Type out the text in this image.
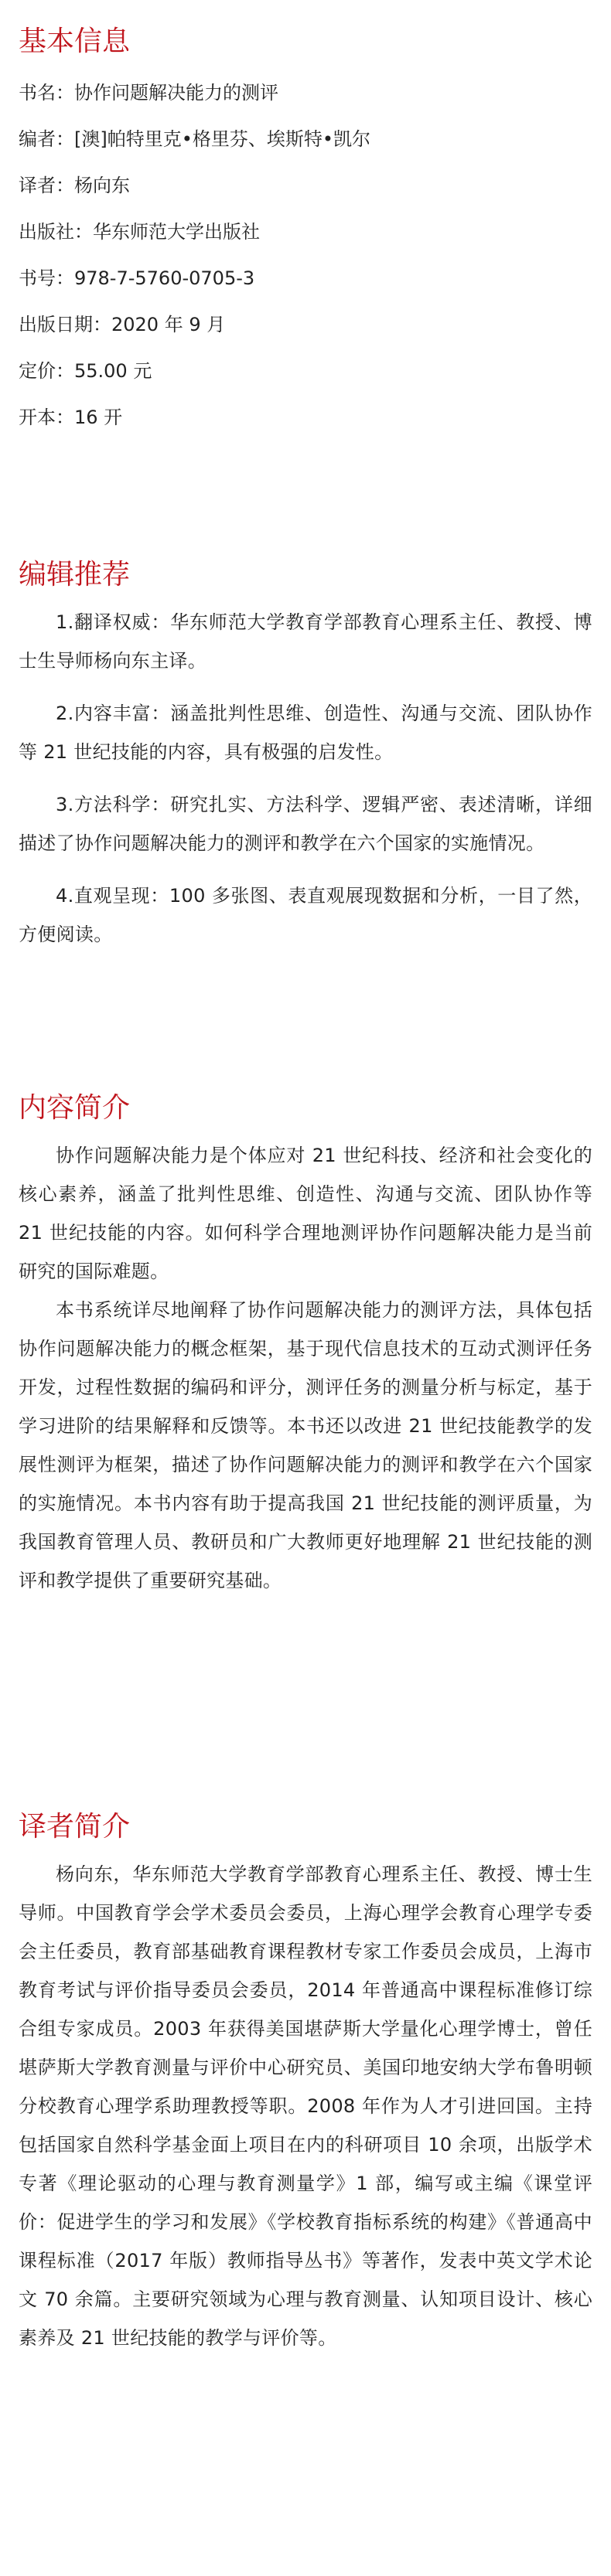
基本信息

书名：协作问题解决能力的测评

编者：[澳]帕特里克•格里芬、埃斯特•凯尔

译者：杨向东

出版社：华东师范大学出版社

书号：978-7-5760-0705-3

出版日期：2020 年 9 月

定价：55.00 元

开本：16 开

编辑推荐

1.翻译权威：华东师范大学教育学部教育心理系主任、教授、博士生导师杨向东主译。

2.内容丰富：涵盖批判性思维、创造性、沟通与交流、团队协作等 21 世纪技能的内容，具有极强的启发性。

3.方法科学：研究扎实、方法科学、逻辑严密、表述清晰，详细描述了协作问题解决能力的测评和教学在六个国家的实施情况。

4.直观呈现：100 多张图、表直观展现数据和分析，一目了然，方便阅读。

内容简介

协作问题解决能力是个体应对 21 世纪科技、经济和社会变化的核心素养，涵盖了批判性思维、创造性、沟通与交流、团队协作等 21 世纪技能的内容。如何科学合理地测评协作问题解决能力是当前研究的国际难题。

本书系统详尽地阐释了协作问题解决能力的测评方法，具体包括协作问题解决能力的概念框架，基于现代信息技术的互动式测评任务开发，过程性数据的编码和评分，测评任务的测量分析与标定，基于学习进阶的结果解释和反馈等。本书还以改进 21 世纪技能教学的发展性测评为框架，描述了协作问题解决能力的测评和教学在六个国家的实施情况。本书内容有助于提高我国 21 世纪技能的测评质量，为我国教育管理人员、教研员和广大教师更好地理解 21 世纪技能的测评和教学提供了重要研究基础。

译者简介

杨向东，华东师范大学教育学部教育心理系主任、教授、博士生导师。中国教育学会学术委员会委员，上海心理学会教育心理学专委会主任委员，教育部基础教育课程教材专家工作委员会成员，上海市教育考试与评价指导委员会委员，2014 年普通高中课程标准修订综合组专家成员。2003 年获得美国堪萨斯大学量化心理学博士，曾任堪萨斯大学教育测量与评价中心研究员、美国印地安纳大学布鲁明顿分校教育心理学系助理教授等职。2008 年作为人才引进回国。主持包括国家自然科学基金面上项目在内的科研项目 10 余项，出版学术专著《理论驱动的心理与教育测量学》1 部，编写或主编《课堂评价：促进学生的学习和发展》《学校教育指标系统的构建》《普通高中课程标准（2017 年版）教师指导丛书》等著作，发表中英文学术论文 70 余篇。主要研究领域为心理与教育测量、认知项目设计、核心素养及 21 世纪技能的教学与评价等。
